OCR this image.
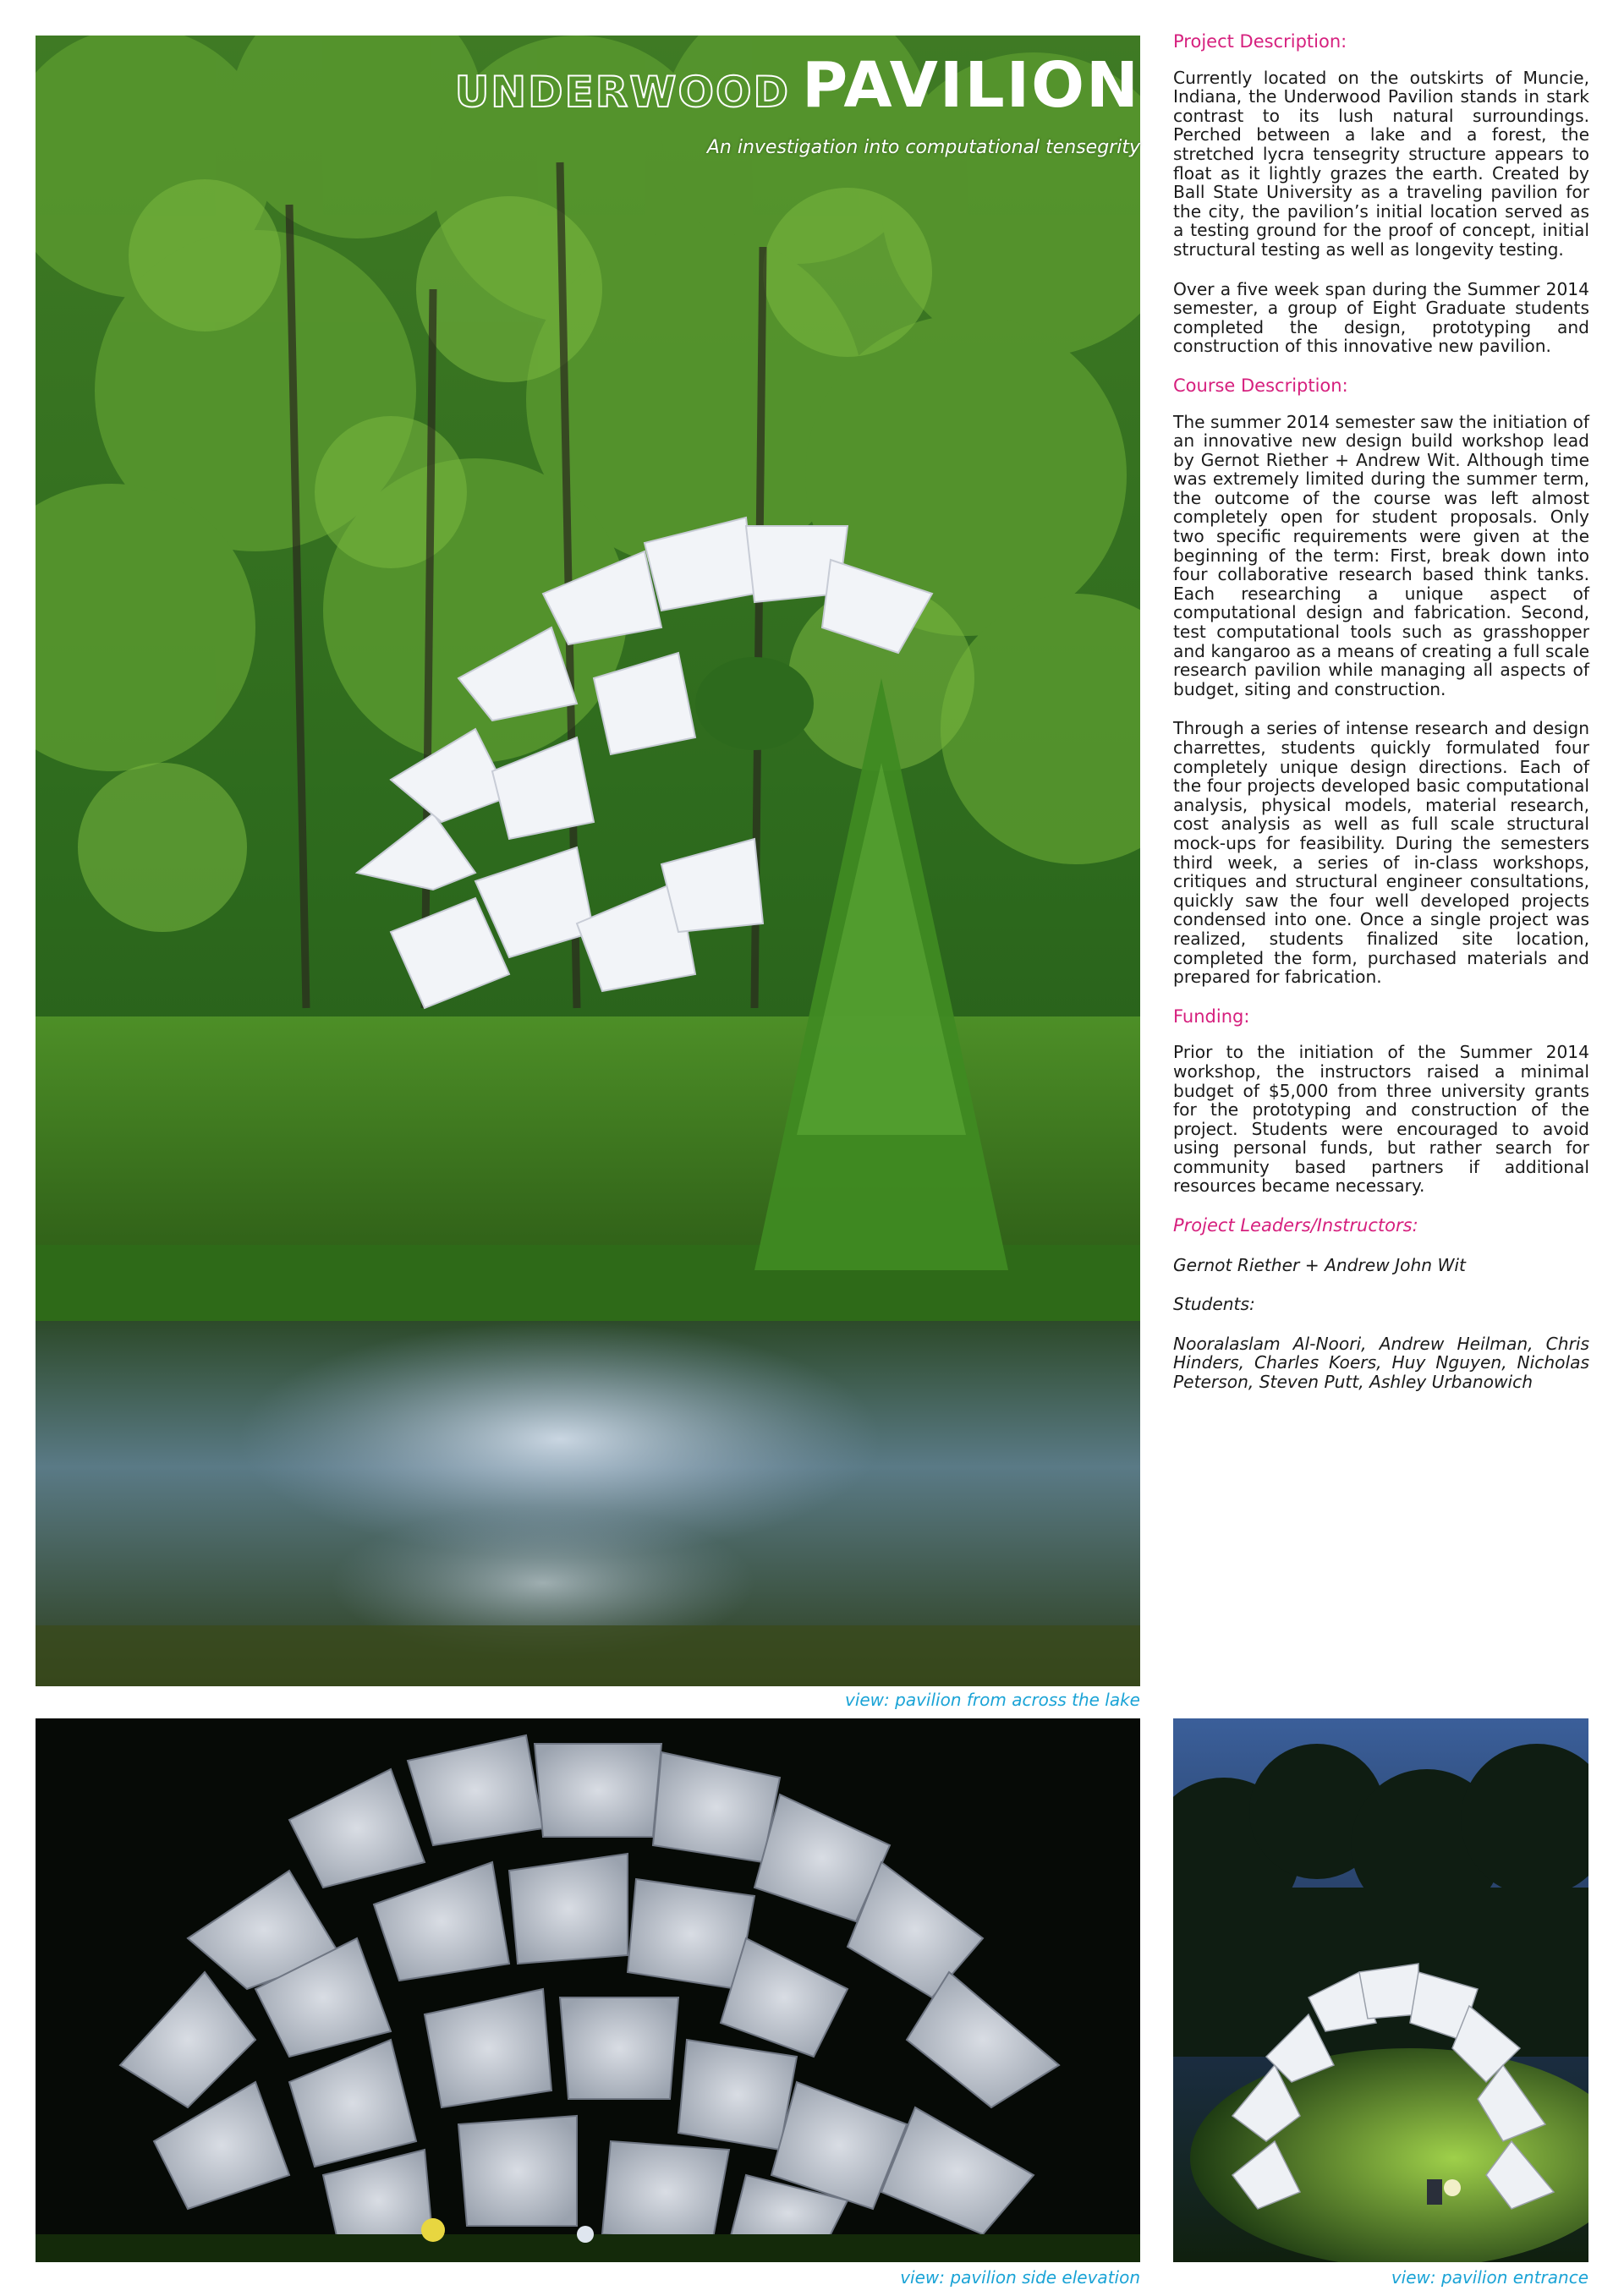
UNDERWOOD PAVILION
An investigation into computational tensegrity
view: pavilion from across the lake
view: pavilion side elevation	view: pavilion entrance
Project Description:

Currently located on the outskirts of Muncie, Indiana, the Underwood Pavilion stands in stark contrast to its lush natural surroundings. Perched between a lake and a forest, the stretched lycra tensegrity structure appears to float as it lightly grazes the earth. Created by Ball State University as a traveling pavilion for the city, the pavilion’s initial location served as a testing ground for the proof of concept, initial structural testing as well as longevity testing.

Over a five week span during the Summer 2014 semester, a group of Eight Graduate students completed the design, prototyping and construction of this innovative new pavilion.

Course Description:

The summer 2014 semester saw the initiation of an innovative new design build workshop lead by Gernot Riether + Andrew Wit. Although time was extremely limited during the summer term, the outcome of the course was left almost completely open for student proposals. Only two specific requirements were given at the beginning of the term: First, break down into four collaborative research based think tanks. Each researching a unique aspect of computational design and fabrication. Second, test computational tools such as grasshopper and kangaroo as a means of creating a full scale research pavilion while managing all aspects of budget, siting and construction.

Through a series of intense research and design charrettes, students quickly formulated four completely unique design directions. Each of the four projects developed basic computational analysis, physical models, material research, cost analysis as well as full scale structural mock-ups for feasibility. During the semesters third week, a series of in-class workshops, critiques and structural engineer consultations, quickly saw the four well developed projects condensed into one. Once a single project was realized, students finalized site location, completed the form, purchased materials and prepared for fabrication.

Funding:

Prior to the initiation of the Summer 2014 workshop, the instructors raised a minimal budget of $5,000 from three university grants for the prototyping and construction of the project. Students were encouraged to avoid using personal funds, but rather search for community based partners if additional resources became necessary.

Project Leaders/Instructors:
Gernot Riether + Andrew John Wit
Students:

Nooralaslam Al-Noori, Andrew Heilman, Chris Hinders, Charles Koers, Huy Nguyen, Nicholas Peterson, Steven Putt, Ashley Urbanowich
